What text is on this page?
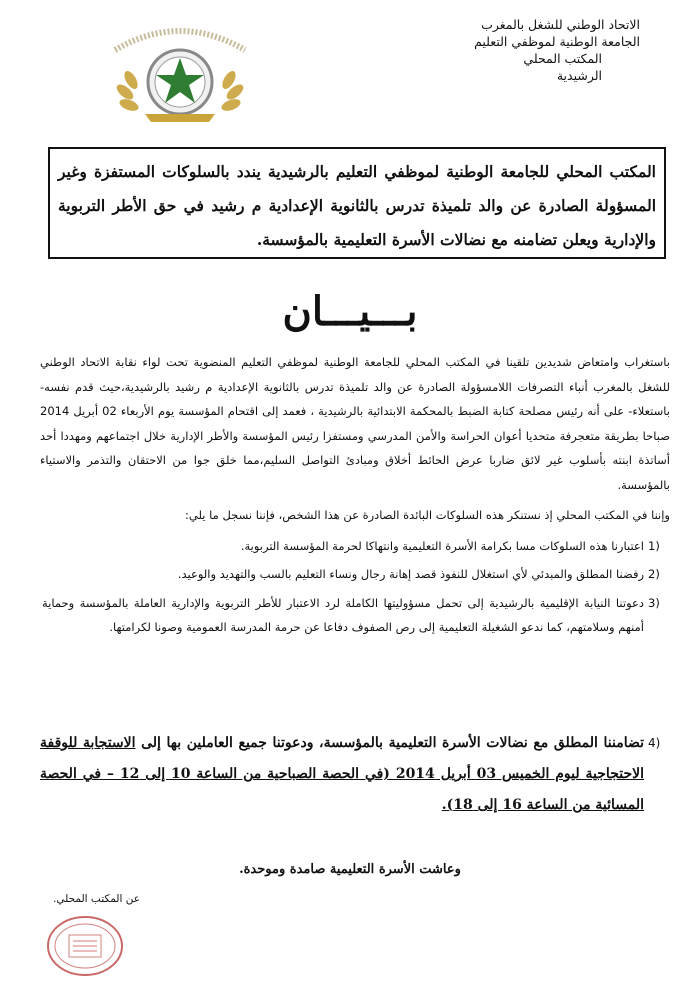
الاتحاد الوطني للشغل بالمغرب
الجامعة الوطنية لموظفي التعليم
المكتب المحلي
الرشيدية
المكتب المحلي للجامعة الوطنية لموظفي التعليم بالرشيدية يندد بالسلوكات المستفزة وغير المسؤولة الصادرة عن والد تلميذة تدرس بالثانوية الإعدادية م رشيد في حق الأطر التربوية والإدارية ويعلن تضامنه مع نضالات الأسرة التعليمية بالمؤسسة.
بـــيـــان

باستغراب وامتعاض شديدين تلقينا في المكتب المحلي للجامعة الوطنية لموظفي التعليم المنضوية تحت لواء نقابة الاتحاد الوطني للشغل بالمغرب أنباء التصرفات اللامسؤولة الصادرة عن والد تلميذة تدرس بالثانوية الإعدادية م رشيد بالرشيدية،حيث قدم نفسه- باستعلاء- على أنه رئيس مصلحة كتابة الضبط بالمحكمة الابتدائية بالرشيدية ، فعمد إلى اقتحام المؤسسة يوم الأربعاء 02 أبريل 2014 صباحا بطريقة متعجرفة متحديا أعوان الحراسة والأمن المدرسي ومستفزا رئيس المؤسسة والأطر الإدارية خلال اجتماعهم ومهددا أحد أساتذة ابنته بأسلوب غير لائق ضاربا عرض الحائط أخلاق ومبادئ التواصل السليم،مما خلق جوا من الاحتقان والتذمر والاستياء بالمؤسسة.

وإننا في المكتب المحلي إذ نستنكر هذه السلوكات البائدة الصادرة عن هذا الشخص، فإننا نسجل ما يلي:

1)
اعتبارنا هذه السلوكات مسا بكرامة الأسرة التعليمية وانتهاكا لحرمة المؤسسة التربوية.
2)
رفضنا المطلق والمبدئي لأي استغلال للنفوذ قصد إهانة رجال ونساء التعليم بالسب والتهديد والوعيد.
3)
دعوتنا النيابة الإقليمية بالرشيدية إلى تحمل مسؤوليتها الكاملة لرد الاعتبار للأطر التربوية والإدارية العاملة بالمؤسسة وحماية أمنهم وسلامتهم، كما ندعو الشغيلة التعليمية إلى رص الصفوف دفاعا عن حرمة المدرسة العمومية وصونا لكرامتها.
4)
تضامننا المطلق مع نضالات الأسرة التعليمية بالمؤسسة، ودعوتنا جميع العاملين بها إلى الاستجابة للوقفة الاحتجاجية ليوم الخميس 03 أبريل 2014 (في الحصة الصباحية من الساعة 10 إلى 12 – في الحصة المسائية من الساعة 16 إلى 18).
وعاشت الأسرة التعليمية صامدة وموحدة.
عن المكتب المحلي.
